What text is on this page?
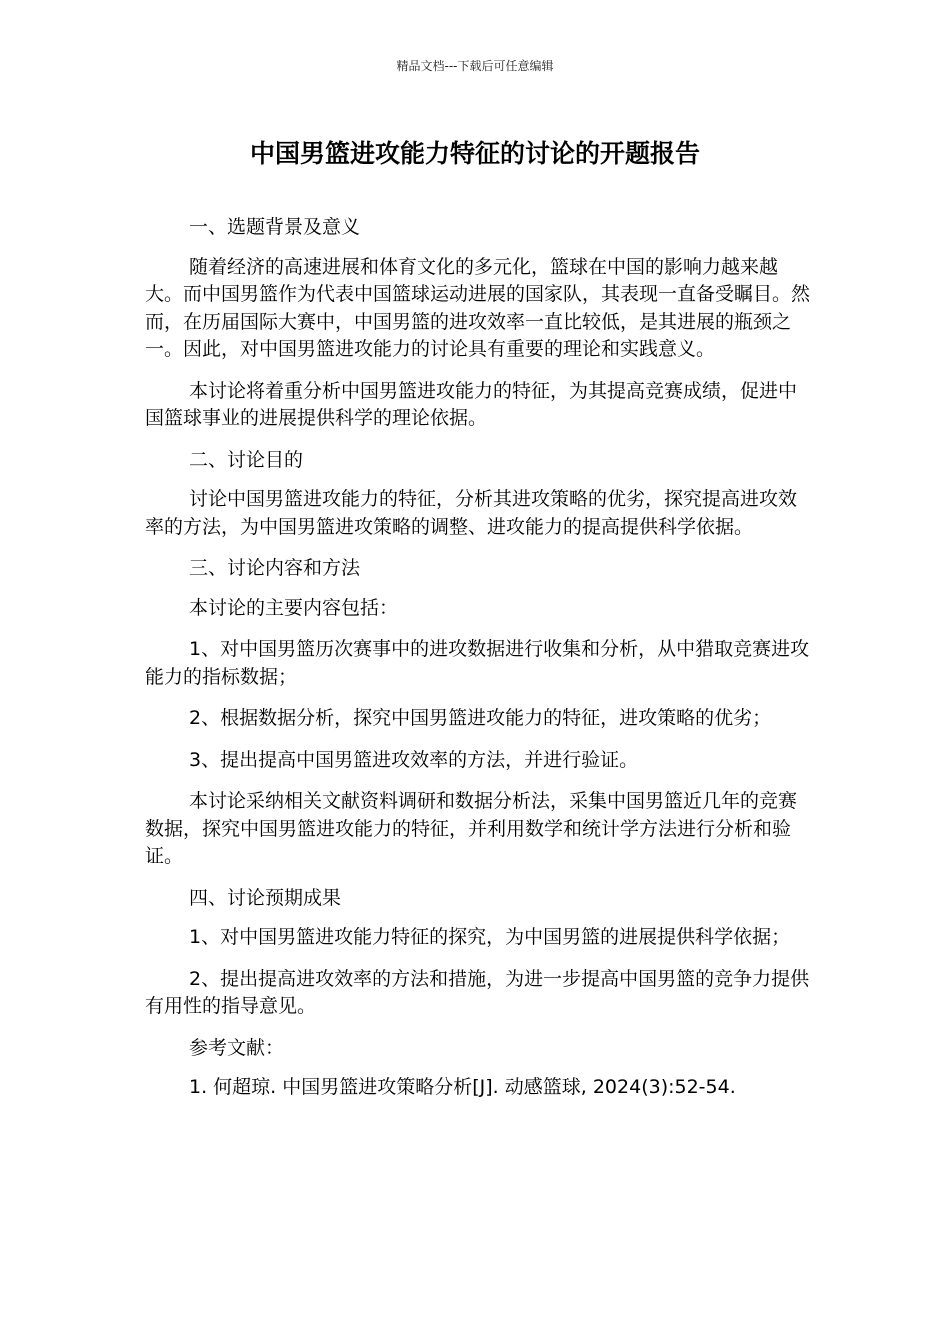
精品文档---下载后可任意编辑
中国男篮进攻能力特征的讨论的开题报告

一、选题背景及意义

随着经济的高速进展和体育文化的多元化，篮球在中国的影响力越来越大。而中国男篮作为代表中国篮球运动进展的国家队，其表现一直备受瞩目。然而，在历届国际大赛中，中国男篮的进攻效率一直比较低，是其进展的瓶颈之一。因此，对中国男篮进攻能力的讨论具有重要的理论和实践意义。

本讨论将着重分析中国男篮进攻能力的特征，为其提高竞赛成绩，促进中国篮球事业的进展提供科学的理论依据。

二、讨论目的

讨论中国男篮进攻能力的特征，分析其进攻策略的优劣，探究提高进攻效率的方法，为中国男篮进攻策略的调整、进攻能力的提高提供科学依据。

三、讨论内容和方法

本讨论的主要内容包括：

1、对中国男篮历次赛事中的进攻数据进行收集和分析，从中猎取竞赛进攻能力的指标数据；

2、根据数据分析，探究中国男篮进攻能力的特征，进攻策略的优劣；

3、提出提高中国男篮进攻效率的方法，并进行验证。

本讨论采纳相关文献资料调研和数据分析法，采集中国男篮近几年的竞赛数据，探究中国男篮进攻能力的特征，并利用数学和统计学方法进行分析和验证。

四、讨论预期成果

1、对中国男篮进攻能力特征的探究，为中国男篮的进展提供科学依据；

2、提出提高进攻效率的方法和措施，为进一步提高中国男篮的竞争力提供有用性的指导意见。

参考文献：

1. 何超琼. 中国男篮进攻策略分析[J]. 动感篮球, 2024(3):52-54.
